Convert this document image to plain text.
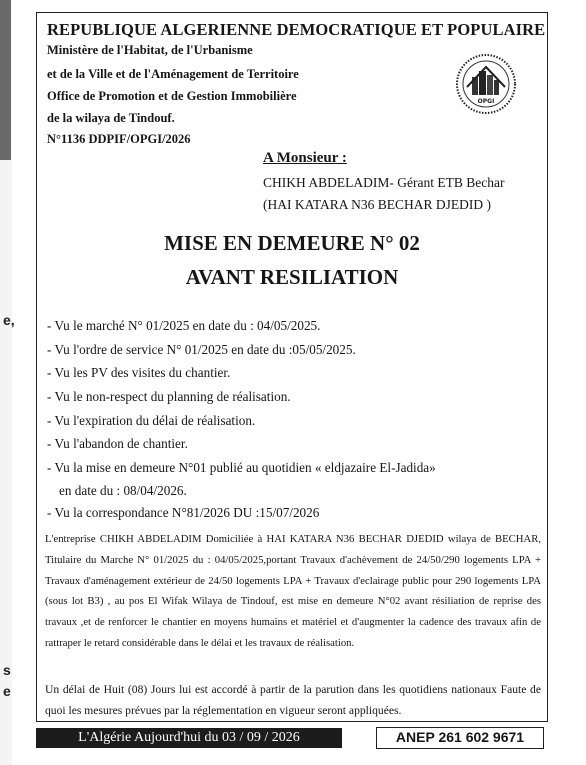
e,
s
e
REPUBLIQUE ALGERIENNE DEMOCRATIQUE ET POPULAIRE
Ministère de l'Habitat, de l'Urbanisme
et de la Ville et de l'Aménagement de Territoire
Office de Promotion et de Gestion Immobilière
de la wilaya de Tindouf.
N°1136 DDPIF/OPGI/2026
OPGI
A Monsieur :
CHIKH ABDELADIM- Gérant ETB Bechar
(HAI KATARA N36 BECHAR DJEDID )
MISE EN DEMEURE N° 02
AVANT RESILIATION
- Vu le marché N° 01/2025 en date du : 04/05/2025.
- Vu l'ordre de service N° 01/2025 en date du :05/05/2025.
- Vu les PV des visites du chantier.
- Vu le non-respect du planning de réalisation.
- Vu l'expiration du délai de réalisation.
- Vu l'abandon de chantier.
- Vu la mise en demeure N°01 publié au quotidien « eldjazaire El-Jadida»
en date du : 08/04/2026.
- Vu la correspondance N°81/2026 DU :15/07/2026
L'entreprise CHIKH ABDELADIM Domiciliée à HAI KATARA N36 BECHAR DJEDID wilaya de BECHAR, Titulaire du Marche N° 01/2025 du : 04/05/2025,portant Travaux d'achèvement de 24/50/290 logements LPA + Travaux d'aménagement extérieur de 24/50 logements LPA + Travaux d'eclairage public pour 290 logements LPA (sous lot B3) , au pos El Wifak Wilaya de Tindouf, est mise en demeure N°02 avant résiliation de reprise des travaux ,et de renforcer le chantier en moyens humains et matériel et d'augmenter la cadence des travaux afin de rattraper le retard considérable dans le délai et les travaux de réalisation.
Un délai de Huit (08) Jours lui est accordé à partir de la parution dans les quotidiens nationaux Faute de quoi les mesures prévues par la réglementation en vigueur seront appliquées.
L'Algérie Aujourd'hui du 03 / 09 / 2026	ANEP 261 602 9671
